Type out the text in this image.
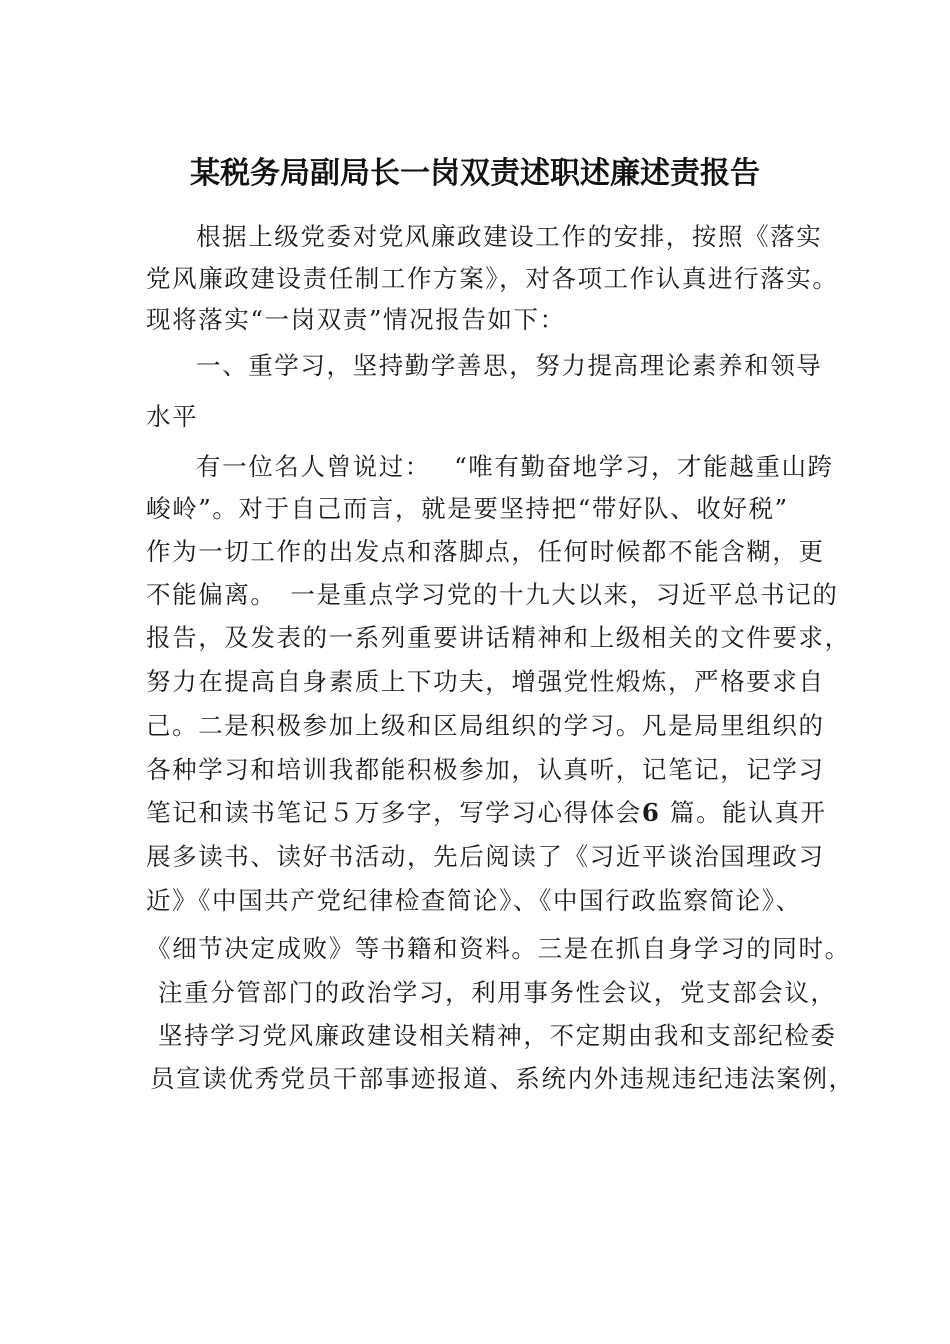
某税务局副局长一岗双责述职述廉述责报告
根据上级党委对党风廉政建设工作的安排，按照《落实
党风廉政建设责任制工作方案》，对各项工作认真进行落实。
现将落实“一岗双责”情况报告如下：
一、重学习，坚持勤学善思，努力提高理论素养和领导
水平
有一位名人曾说过：　 “唯有勤奋地学习，才能越重山跨
峻岭”。对于自己而言，就是要坚持把“带好队、收好税”
作为一切工作的出发点和落脚点，任何时候都不能含糊，更
不能偏离。　一是重点学习党的十九大以来，习近平总书记的
报告，及发表的一系列重要讲话精神和上级相关的文件要求，
努力在提高自身素质上下功夫，增强党性煅炼，严格要求自
己。二是积极参加上级和区局组织的学习。凡是局里组织的
各种学习和培训我都能积极参加，认真听，记笔记，记学习
笔记和读书笔记５万多字，写学习心得体会6 篇。能认真开
展多读书、读好书活动，先后阅读了《习近平谈治国理政习
近》《中国共产党纪律检查简论》、《中国行政监察简论》、
《细节决定成败》等书籍和资料。三是在抓自身学习的同时。
注重分管部门的政治学习，利用事务性会议，党支部会议，
坚持学习党风廉政建设相关精神，不定期由我和支部纪检委
员宣读优秀党员干部事迹报道、系统内外违规违纪违法案例，
